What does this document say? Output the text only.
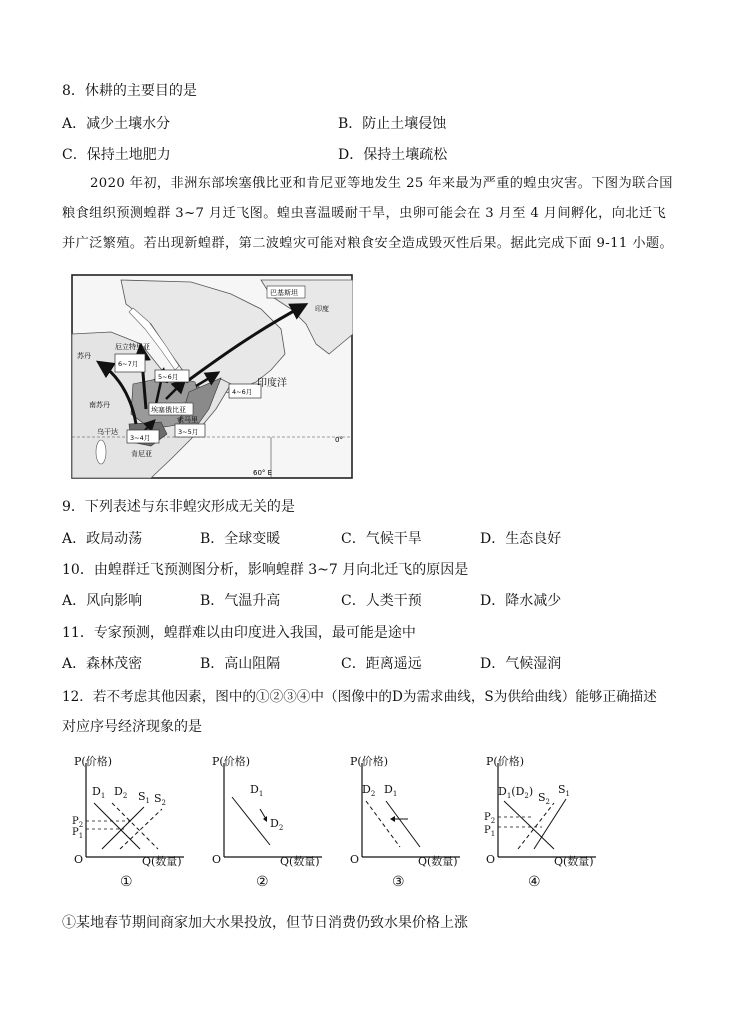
8．休耕的主要目的是
A．减少土壤水分	B．防止土壤侵蚀
C．保持土地肥力	D．保持土壤疏松
2020 年初，非洲东部埃塞俄比亚和肯尼亚等地发生 25 年来最为严重的蝗虫灾害。下图为联合国
粮食组织预测蝗群 3~7 月迁飞图。蝗虫喜温暖耐干旱，虫卵可能会在 3 月至 4 月间孵化，向北迁飞
并广泛繁殖。若出现新蝗群，第二波蝗灾可能对粮食安全造成毁灭性后果。据此完成下面 9-11 小题。
6~7月
5~6月
4~6月
3~4月
3~5月
巴基斯坦
印度
苏丹
厄立特里亚
埃塞俄比亚
索马里
南苏丹
乌干达
肯尼亚
印度洋
0°
60° E
9．下列表述与东非蝗灾形成无关的是
A．政局动荡	B．全球变暖	C．气候干旱	D．生态良好
10．由蝗群迁飞预测图分析，影响蝗群 3~7 月向北迁飞的原因是
A．风向影响	B．气温升高	C．人类干预	D．降水减少
11．专家预测，蝗群难以由印度进入我国，最可能是途中
A．森林茂密	B．高山阻隔	C．距离遥远	D．气候湿润
12．若不考虑其他因素，图中的①②③④中（图像中的D为需求曲线，S为供给曲线）能够正确描述
对应序号经济现象的是
P(价格)
O	Q(数量)
$D_1$ $D_2$ $S_1$ $S_2$
$P_2$
$P_1$
①
P(价格)
O	Q(数量)
$D_1$
$D_2$
②
P(价格)
O	Q(数量)
$D_2$ $D_1$
③
P(价格)
O	Q(数量)
$D_1(D_2)$ $S_2$
$S_1$
$P_2$
$P_1$
④
①某地春节期间商家加大水果投放，但节日消费仍致水果价格上涨
